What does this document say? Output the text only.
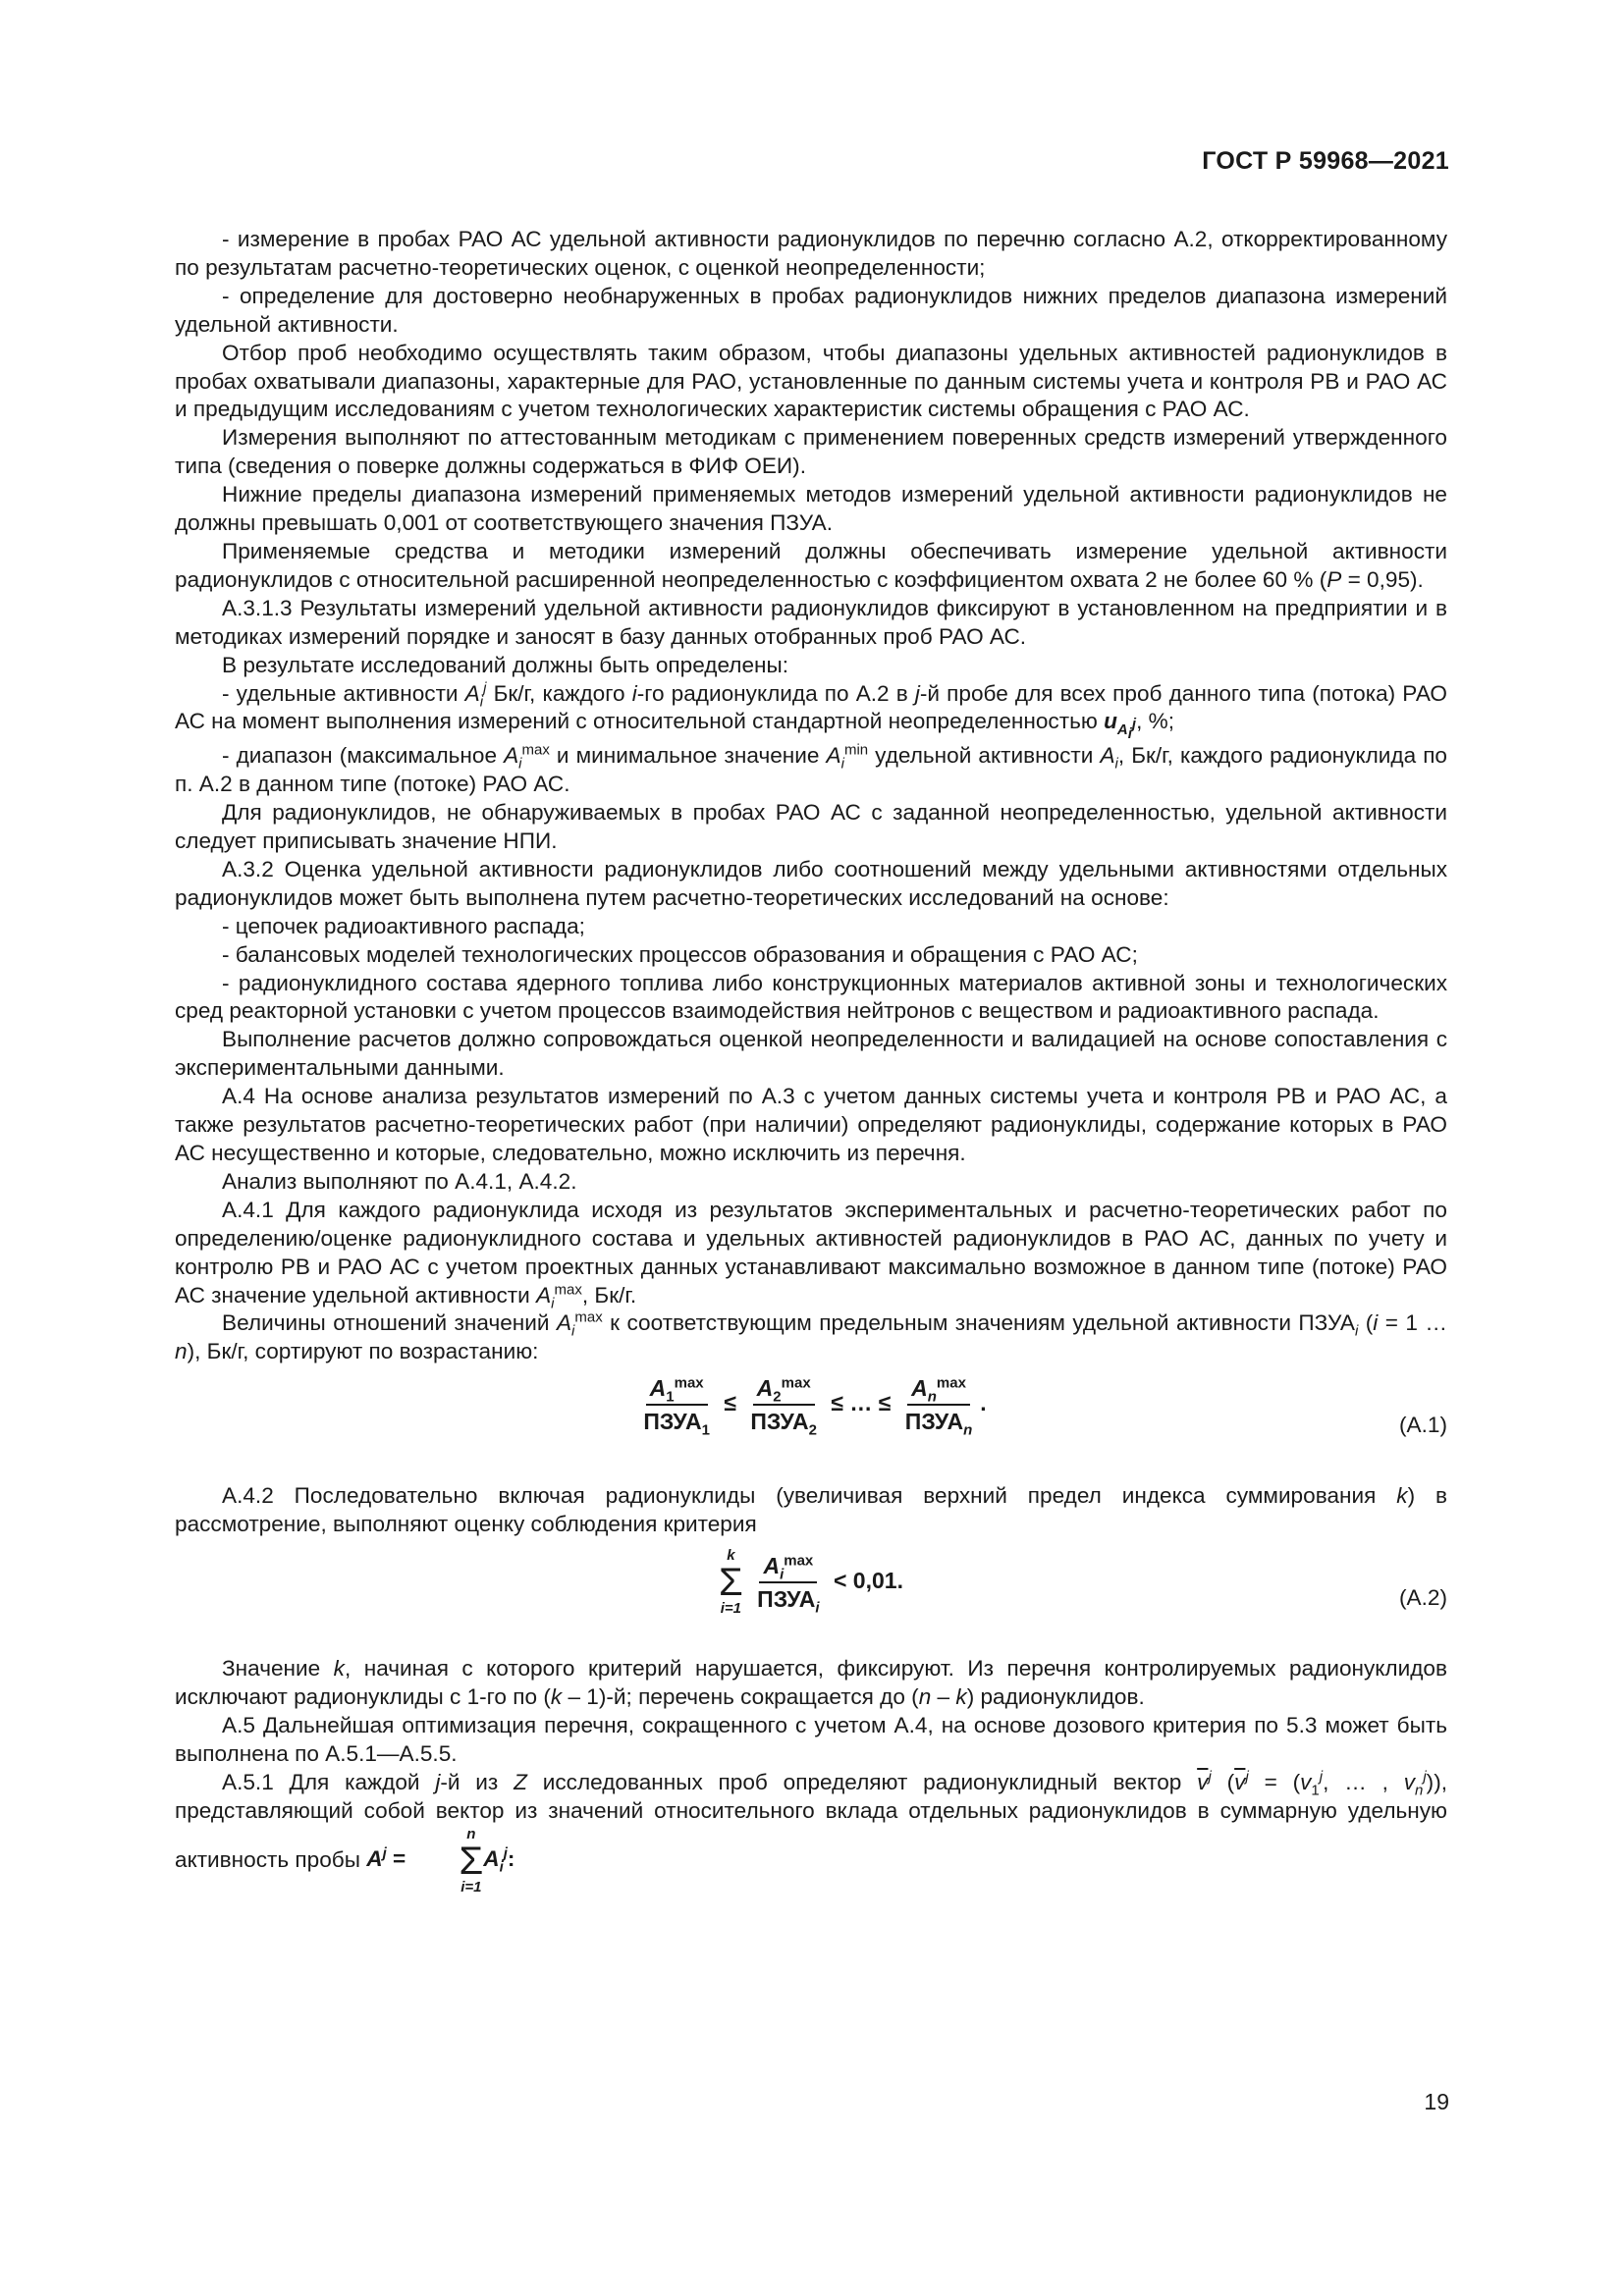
ГОСТ Р 59968—2021

- измерение в пробах РАО АС удельной активности радионуклидов по перечню согласно А.2, откорректированному по результатам расчетно-теоретических оценок, с оценкой неопределенности;

- определение для достоверно необнаруженных в пробах радионуклидов нижних пределов диапазона измерений удельной активности.

Отбор проб необходимо осуществлять таким образом, чтобы диапазоны удельных активностей радионуклидов в пробах охватывали диапазоны, характерные для РАО, установленные по данным системы учета и контроля РВ и РАО АС и предыдущим исследованиям с учетом технологических характеристик системы обращения с РАО АС.

Измерения выполняют по аттестованным методикам с применением поверенных средств измерений утвержденного типа (сведения о поверке должны содержаться в ФИФ ОЕИ).

Нижние пределы диапазона измерений применяемых методов измерений удельной активности радионуклидов не должны превышать 0,001 от соответствующего значения ПЗУА.

Применяемые средства и методики измерений должны обеспечивать измерение удельной активности радионуклидов с относительной расширенной неопределенностью с коэффициентом охвата 2 не более 60 % (P = 0,95).

А.3.1.3 Результаты измерений удельной активности радионуклидов фиксируют в установленном на предприятии и в методиках измерений порядке и заносят в базу данных отобранных проб РАО АС.

В результате исследований должны быть определены:

- удельные активности $A_i^j$ Бк/г, каждого i-го радионуклида по А.2 в j-й пробе для всех проб данного типа (потока) РАО АС на момент выполнения измерений с относительной стандартной неопределенностью $u_{A_i^j}$, %;

- диапазон (максимальное $A_i^{max}$ и минимальное значение $A_i^{min}$ удельной активности $A_i$, Бк/г, каждого радионуклида по п. А.2 в данном типе (потоке) РАО АС.

Для радионуклидов, не обнаруживаемых в пробах РАО АС с заданной неопределенностью, удельной активности следует приписывать значение НПИ.

А.3.2 Оценка удельной активности радионуклидов либо соотношений между удельными активностями отдельных радионуклидов может быть выполнена путем расчетно-теоретических исследований на основе:

- цепочек радиоактивного распада;

- балансовых моделей технологических процессов образования и обращения с РАО АС;

- радионуклидного состава ядерного топлива либо конструкционных материалов активной зоны и технологических сред реакторной установки с учетом процессов взаимодействия нейтронов с веществом и радиоактивного распада.

Выполнение расчетов должно сопровождаться оценкой неопределенности и валидацией на основе сопоставления с экспериментальными данными.

А.4 На основе анализа результатов измерений по А.3 с учетом данных системы учета и контроля РВ и РАО АС, а также результатов расчетно-теоретических работ (при наличии) определяют радионуклиды, содержание которых в РАО АС несущественно и которые, следовательно, можно исключить из перечня.

Анализ выполняют по А.4.1, А.4.2.

А.4.1 Для каждого радионуклида исходя из результатов экспериментальных и расчетно-теоретических работ по определению/оценке радионуклидного состава и удельных активностей радионуклидов в РАО АС, данных по учету и контролю РВ и РАО АС с учетом проектных данных устанавливают максимально возможное в данном типе (потоке) РАО АС значение удельной активности $A_i^{max}$, Бк/г.

Величины отношений значений $A_i^{max}$ к соответствующим предельным значениям удельной активности $ПЗУА_i$ (i = 1 … n), Бк/г, сортируют по возрастанию:

$\frac{A_1^{max}}{ПЗУА_1} \le \frac{A_2^{max}}{ПЗУА_2}$ ≤ … ≤ $\frac{A_n^{max}}{ПЗУА_n}$ .
(А.1)

А.4.2 Последовательно включая радионуклиды (увеличивая верхний предел индекса суммирования k) в рассмотрение, выполняют оценку соблюдения критерия

k
Σ
i=1
$\frac{A_i^{max}}{ПЗУА_i} < 0,01$.
(А.2)

Значение k, начиная с которого критерий нарушается, фиксируют. Из перечня контролируемых радионуклидов исключают радионуклиды с 1-го по (k – 1)-й; перечень сокращается до (n – k) радионуклидов.

А.5 Дальнейшая оптимизация перечня, сокращенного с учетом А.4, на основе дозового критерия по 5.3 может быть выполнена по А.5.1—А.5.5.

А.5.1 Для каждой j-й из Z исследованных проб определяют радионуклидный вектор $\overline{v}^j$ ($\overline{v}^j = (v_1^j$, … , $v_n^j$)), представляющий собой вектор из значений относительного вклада отдельных радионуклидов в суммарную удельную активность пробы $A^j$ =
n
Σ
i=1
$A_i^j$:

19
